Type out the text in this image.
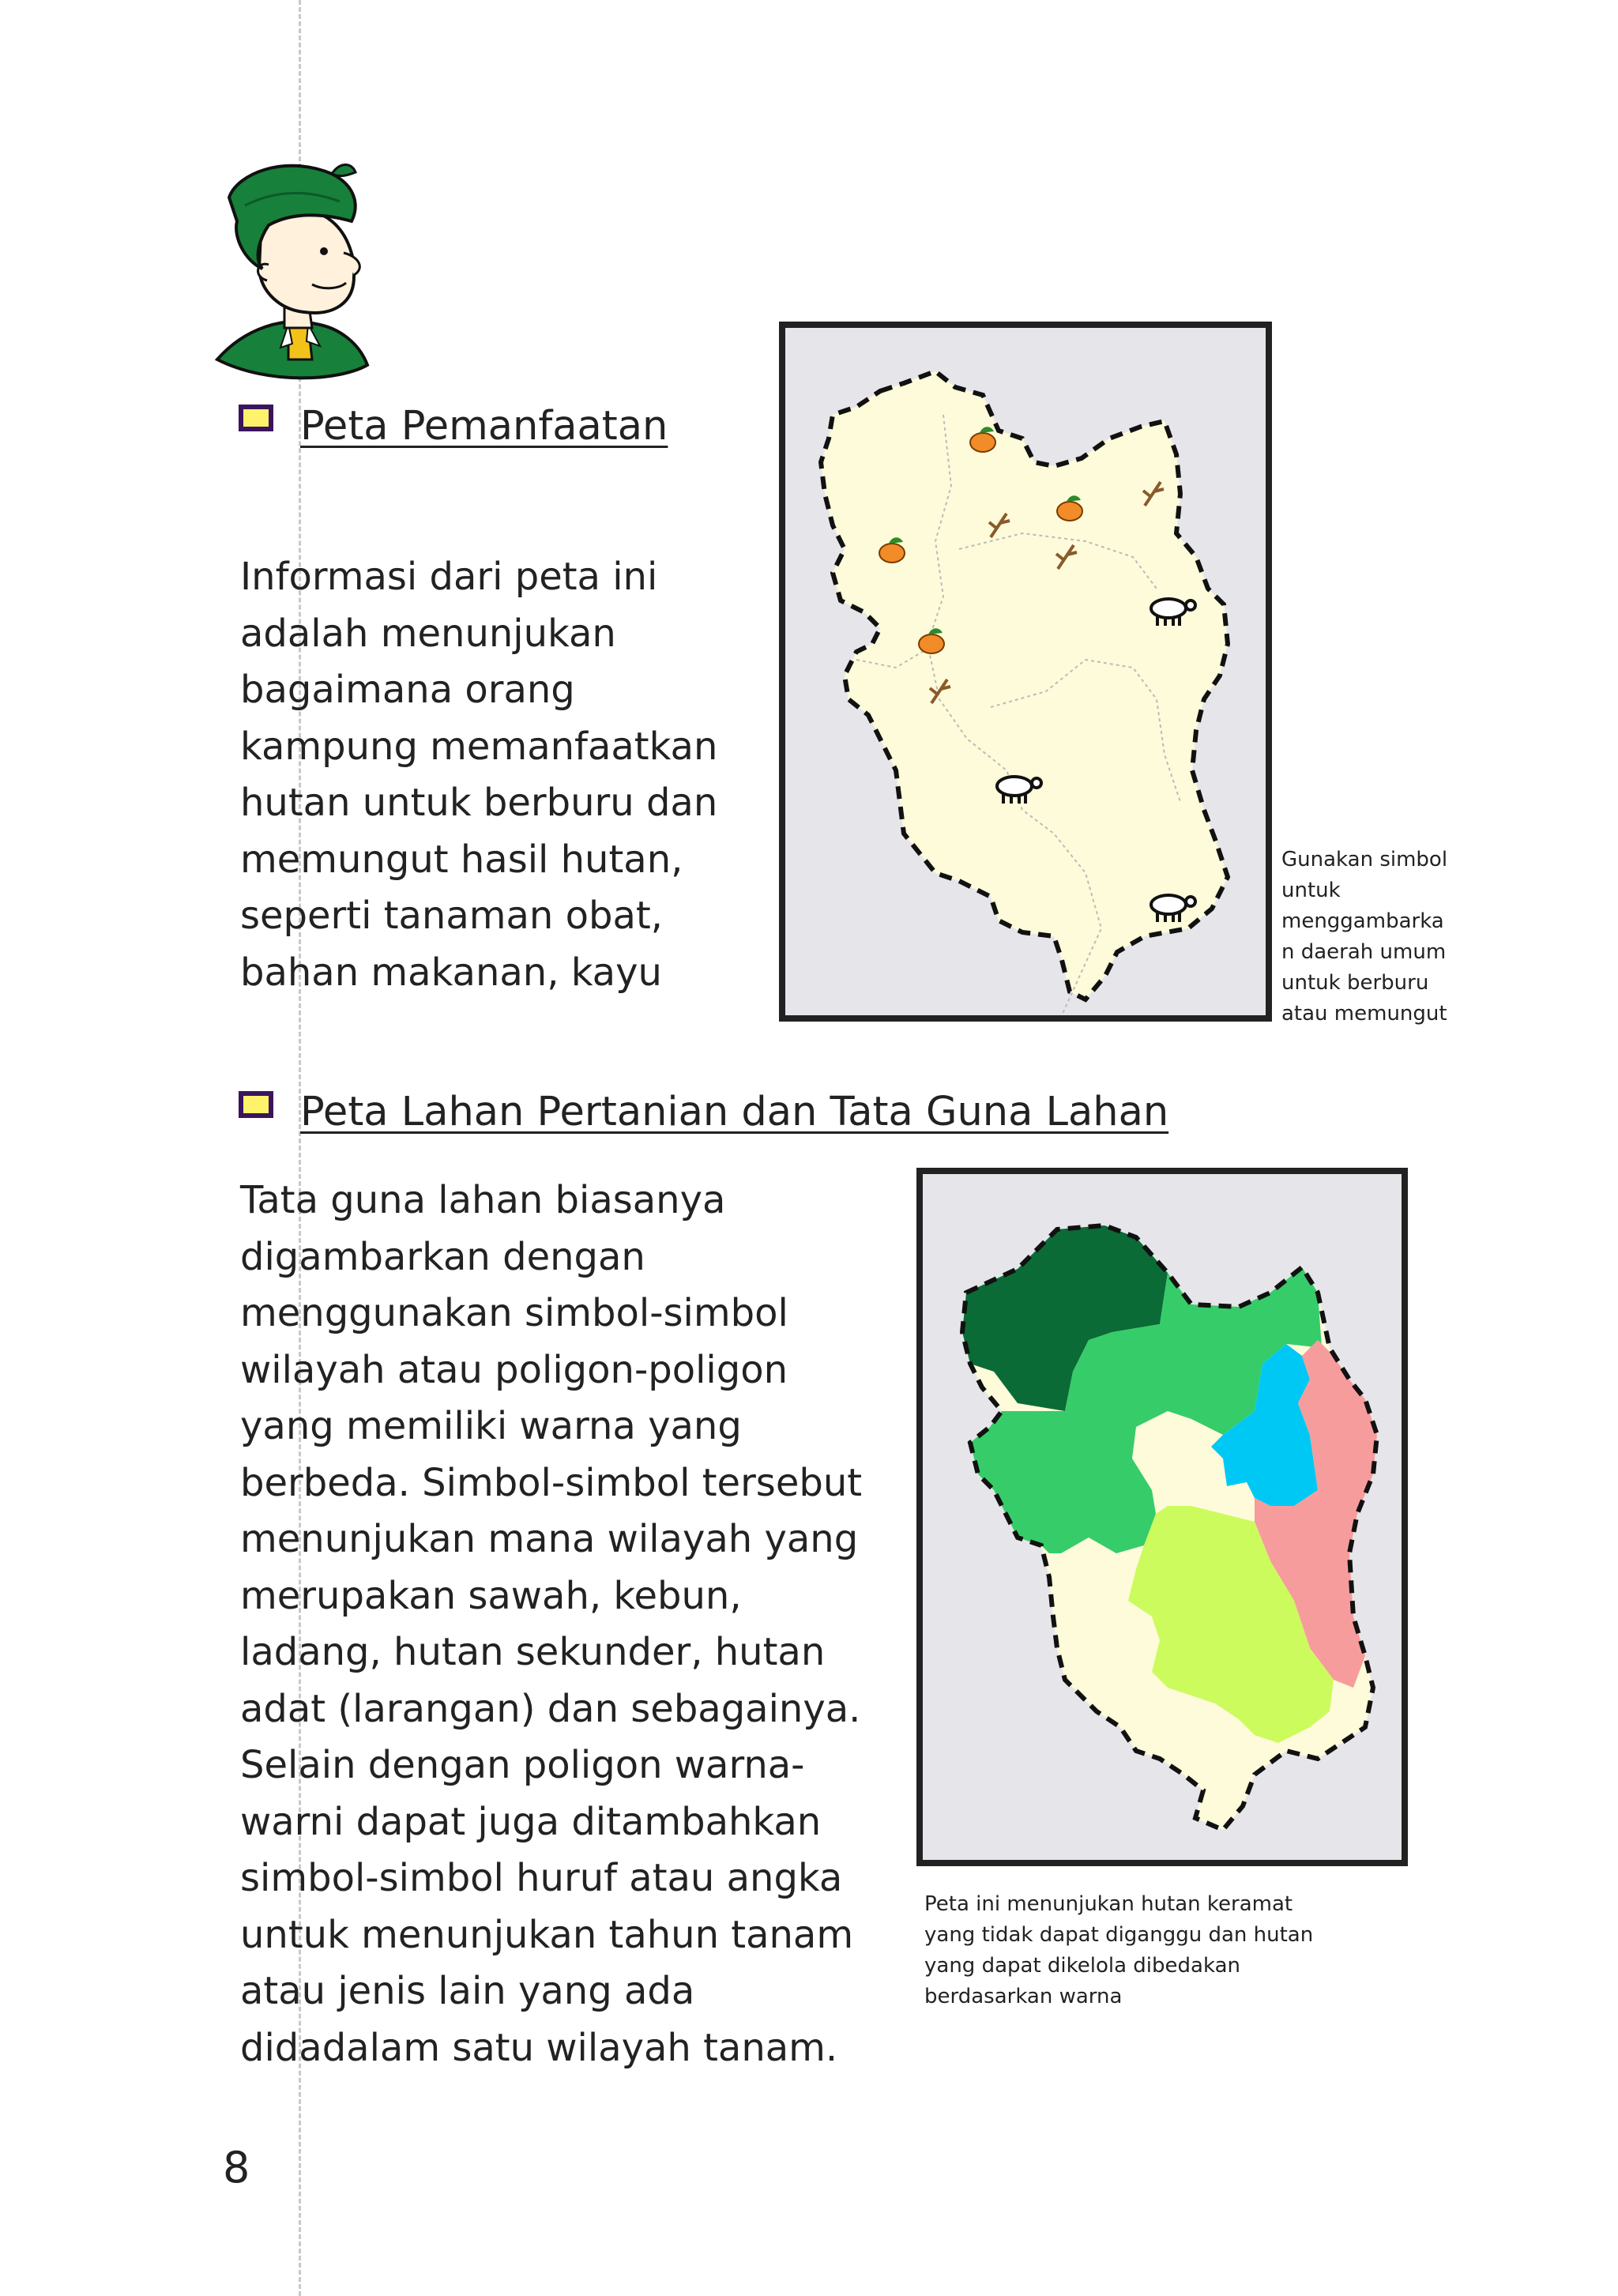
Peta Pemanfaatan
Informasi dari peta ini
adalah menunjukan
bagaimana orang
kampung memanfaatkan
hutan untuk berburu dan
memungut hasil hutan,
seperti tanaman obat,
bahan makanan, kayu
Gunakan simbol
untuk
menggambarka
n daerah umum
untuk berburu
atau memungut
Peta Lahan Pertanian dan Tata Guna Lahan
Tata guna lahan biasanya
digambarkan dengan
menggunakan simbol-simbol
wilayah atau poligon-poligon
yang memiliki warna yang
berbeda. Simbol-simbol tersebut
menunjukan mana wilayah yang
merupakan sawah, kebun,
ladang, hutan sekunder, hutan
adat (larangan) dan sebagainya.
Selain dengan poligon warna-
warni dapat juga ditambahkan
simbol-simbol huruf atau angka
untuk menunjukan tahun tanam
atau jenis lain yang ada
didadalam satu wilayah tanam.
Peta ini menunjukan hutan keramat
yang tidak dapat diganggu dan hutan
yang dapat dikelola dibedakan
berdasarkan warna
8
